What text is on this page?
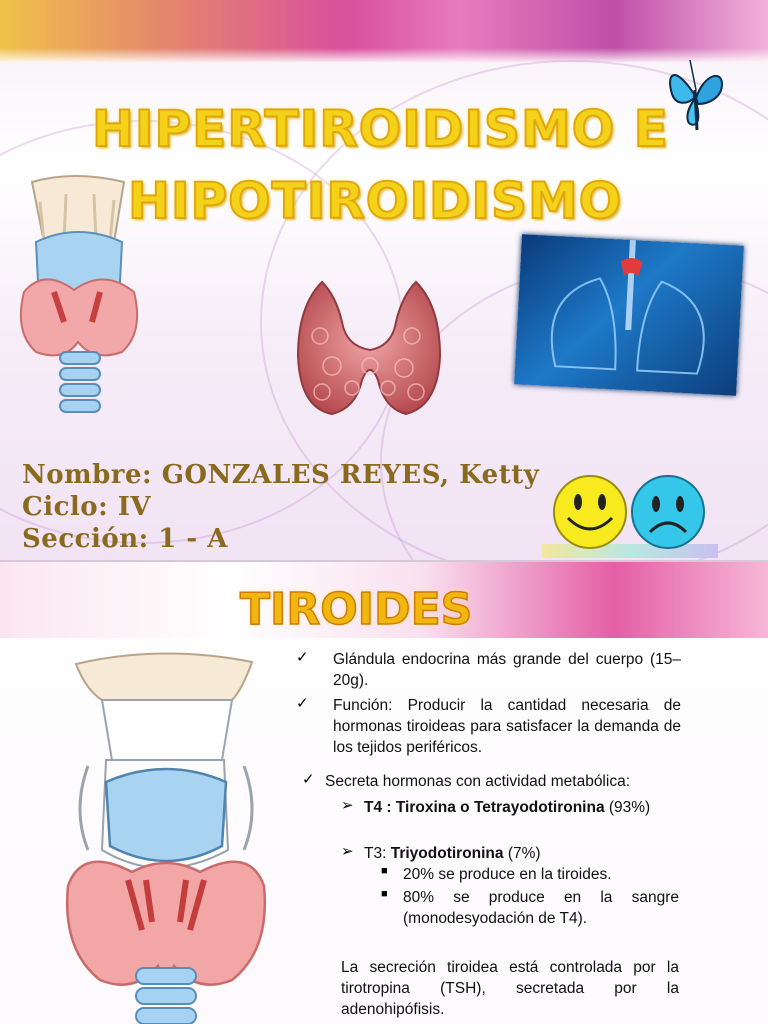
HIPERTIROIDISMO E
HIPOTIROIDISMO
Nombre: GONZALES REYES, Ketty
Ciclo: IV
Sección: 1 - A
TIROIDES
✓ Glándula endocrina más grande del cuerpo (15–20g).
✓ Función: Producir la cantidad necesaria de hormonas tiroideas para satisfacer la demanda de los tejidos periféricos.
✓ Secreta hormonas con actividad metabólica:
➢ T4 : Tiroxina o Tetrayodotironina (93%)
➢ T3: Triyodotironina (7%)
■ 20% se produce en la tiroides.
■ 80% se produce en la sangre (monodesyodación de T4).
La secreción tiroidea está controlada por la tirotropina (TSH), secretada por la adenohipófisis.
